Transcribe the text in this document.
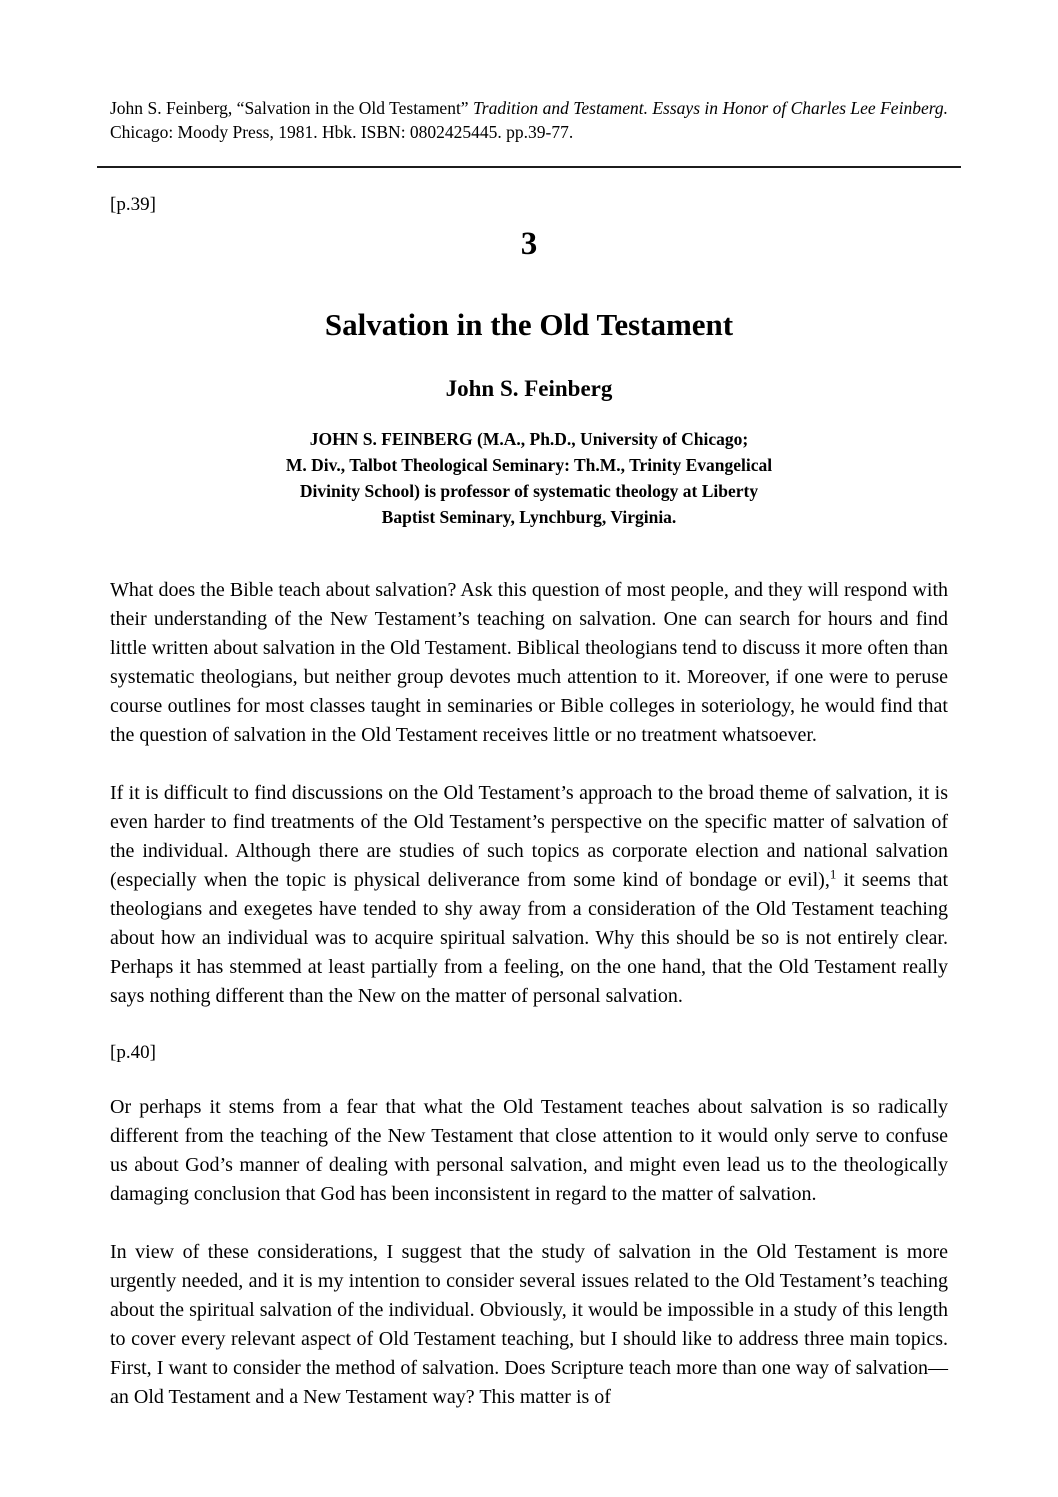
John S. Feinberg, “Salvation in the Old Testament” Tradition and Testament. Essays in Honor of Charles Lee Feinberg. Chicago: Moody Press, 1981. Hbk. ISBN: 0802425445. pp.39-77.

[p.39]

3
Salvation in the Old Testament
John S. Feinberg
JOHN S. FEINBERG (M.A., Ph.D., University of Chicago;
M. Div., Talbot Theological Seminary: Th.M., Trinity Evangelical
Divinity School) is professor of systematic theology at Liberty
Baptist Seminary, Lynchburg, Virginia.

What does the Bible teach about salvation? Ask this question of most people, and they will respond with their understanding of the New Testament’s teaching on salvation. One can search for hours and find little written about salvation in the Old Testament. Biblical theologians tend to discuss it more often than systematic theologians, but neither group devotes much attention to it. Moreover, if one were to peruse course outlines for most classes taught in seminaries or Bible colleges in soteriology, he would find that the question of salvation in the Old Testament receives little or no treatment whatsoever.

If it is difficult to find discussions on the Old Testament’s approach to the broad theme of salvation, it is even harder to find treatments of the Old Testament’s perspective on the specific matter of salvation of the individual. Although there are studies of such topics as corporate election and national salvation (especially when the topic is physical deliverance from some kind of bondage or evil),$^1$ it seems that theologians and exegetes have tended to shy away from a consideration of the Old Testament teaching about how an individual was to acquire spiritual salvation. Why this should be so is not entirely clear. Perhaps it has stemmed at least partially from a feeling, on the one hand, that the Old Testament really says nothing different than the New on the matter of personal salvation.

[p.40]

Or perhaps it stems from a fear that what the Old Testament teaches about salvation is so radically different from the teaching of the New Testament that close attention to it would only serve to confuse us about God’s manner of dealing with personal salvation, and might even lead us to the theologically damaging conclusion that God has been inconsistent in regard to the matter of salvation.

In view of these considerations, I suggest that the study of salvation in the Old Testament is more urgently needed, and it is my intention to consider several issues related to the Old Testament’s teaching about the spiritual salvation of the individual. Obviously, it would be impossible in a study of this length to cover every relevant aspect of Old Testament teaching, but I should like to address three main topics. First, I want to consider the method of salvation. Does Scripture teach more than one way of salvation—an Old Testament and a New Testament way? This matter is of
